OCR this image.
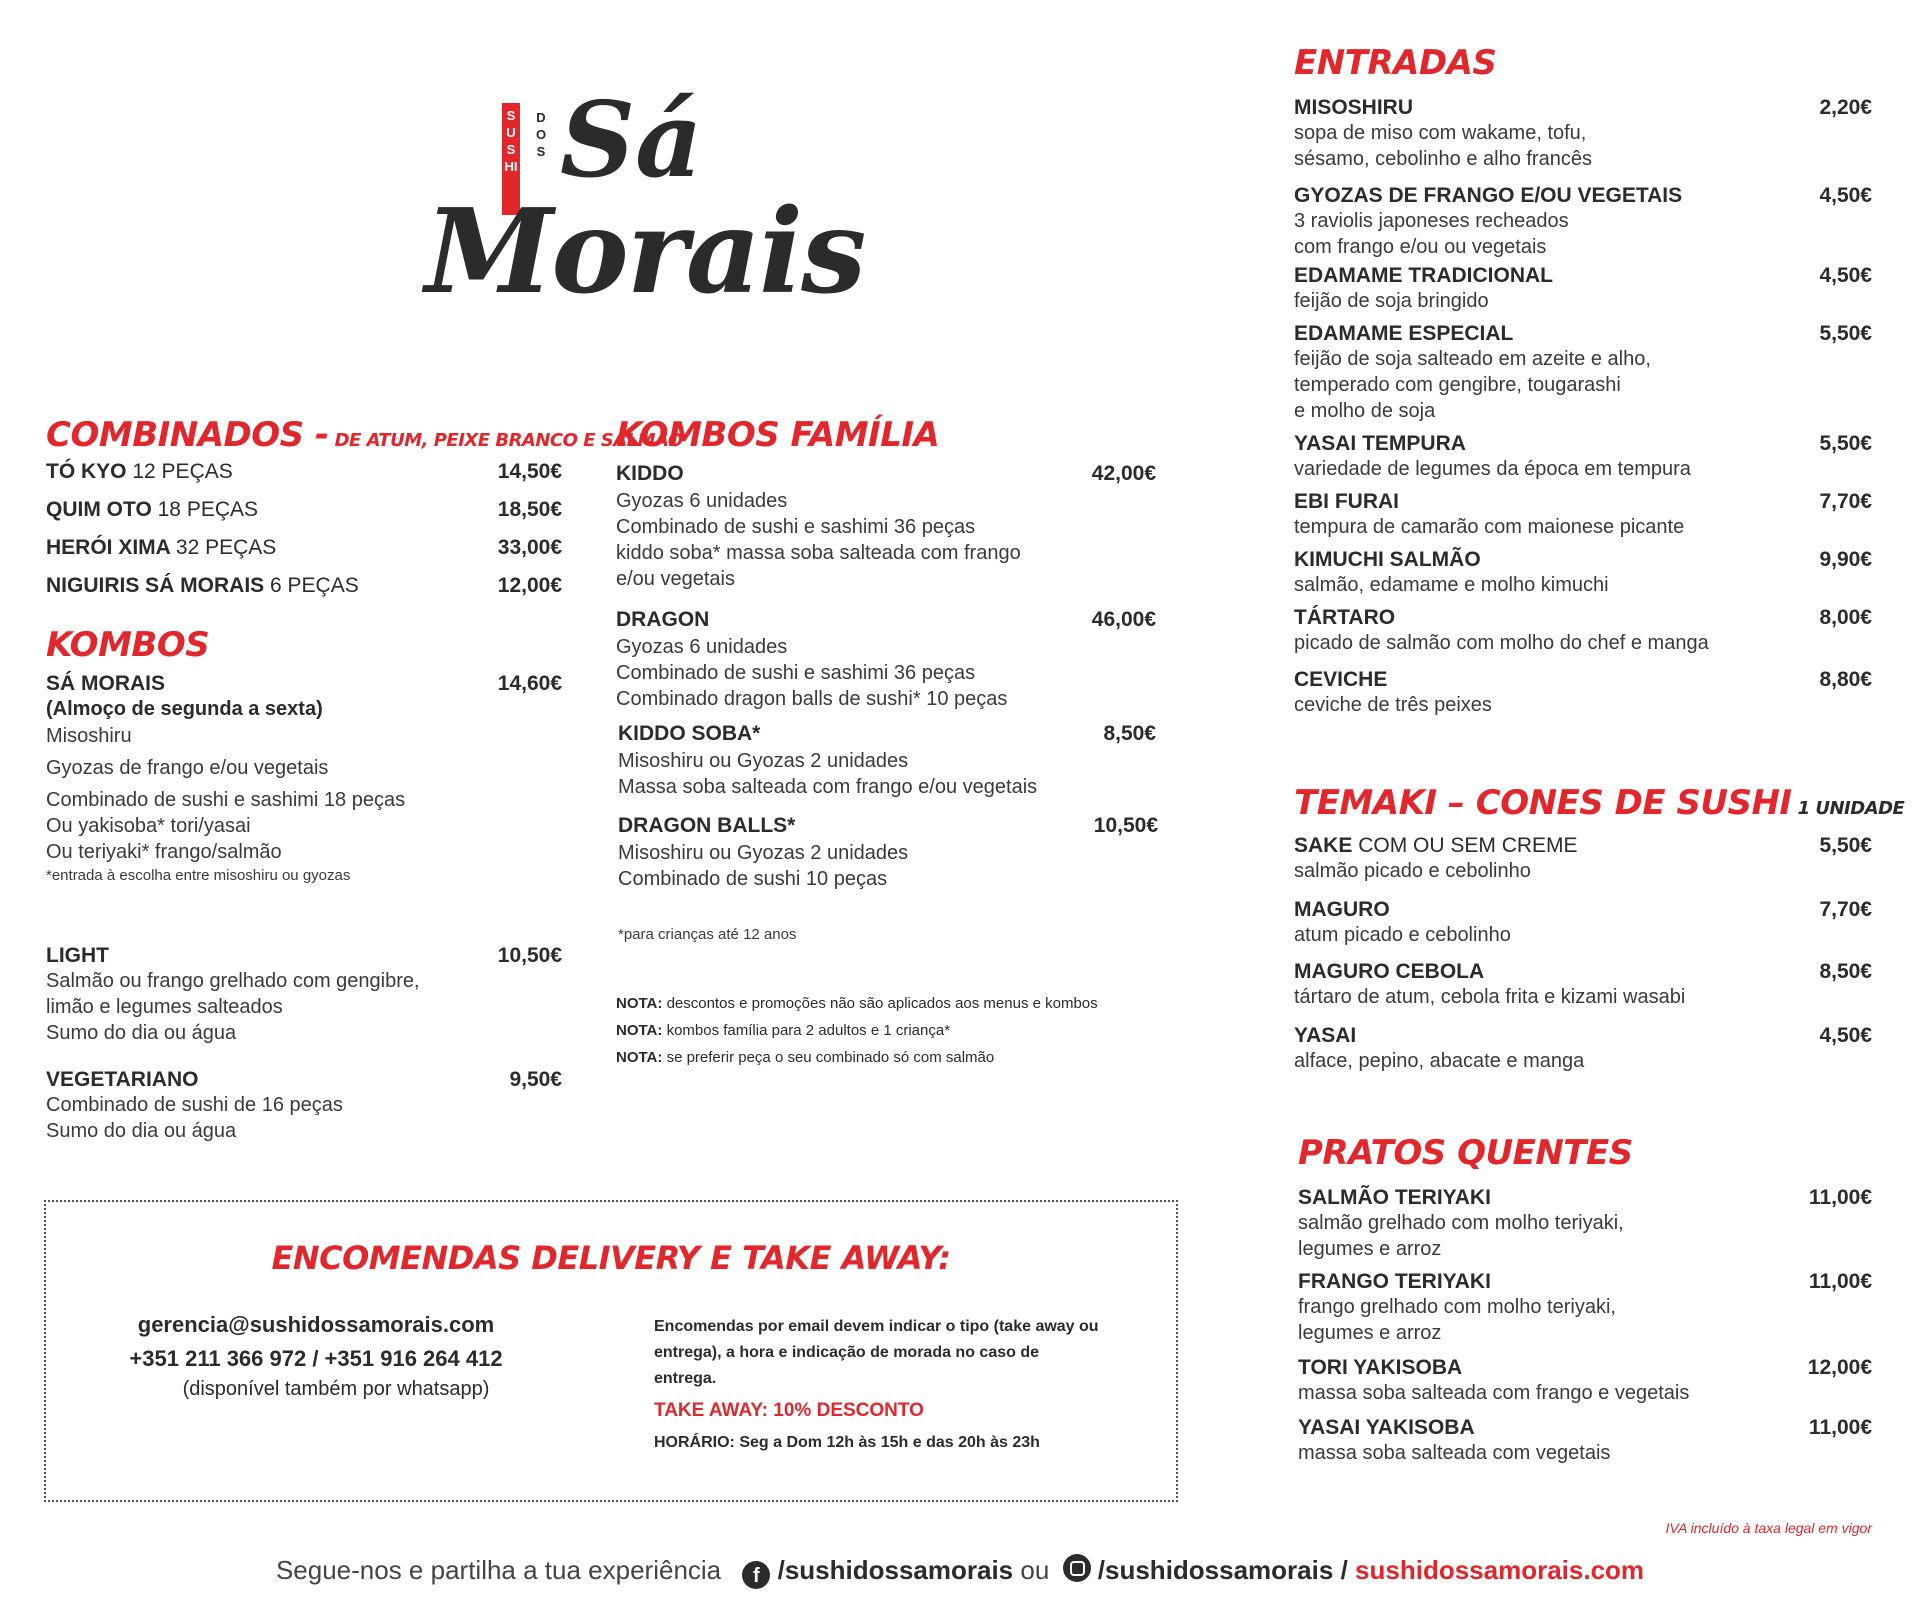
SUSHI
DOS Sá
Morais
COMBINADOS - DE ATUM, PEIXE BRANCO E SALMÃO
TÓ KYO 12 PEÇAS	14,50€
QUIM OTO 18 PEÇAS	18,50€
HERÓI XIMA 32 PEÇAS	33,00€
NIGUIRIS SÁ MORAIS 6 PEÇAS	12,00€
KOMBOS
SÁ MORAIS	14,60€
(Almoço de segunda a sexta)
Misoshiru
Gyozas de frango e/ou vegetais
Combinado de sushi e sashimi 18 peças
Ou yakisoba* tori/yasai
Ou teriyaki* frango/salmão
*entrada à escolha entre misoshiru ou gyozas
LIGHT	10,50€
Salmão ou frango grelhado com gengibre,
limão e legumes salteados
Sumo do dia ou água
VEGETARIANO	9,50€
Combinado de sushi de 16 peças
Sumo do dia ou água
KOMBOS FAMÍLIA
KIDDO	42,00€
Gyozas 6 unidades
Combinado de sushi e sashimi 36 peças
kiddo soba* massa soba salteada com frango
e/ou vegetais
DRAGON	46,00€
Gyozas 6 unidades
Combinado de sushi e sashimi 36 peças
Combinado dragon balls de sushi* 10 peças
KIDDO SOBA*	8,50€
Misoshiru ou Gyozas 2 unidades
Massa soba salteada com frango e/ou vegetais
DRAGON BALLS*	10,50€
Misoshiru ou Gyozas 2 unidades
Combinado de sushi 10 peças
*para crianças até 12 anos
NOTA: descontos e promoções não são aplicados aos menus e kombos
NOTA: kombos família para 2 adultos e 1 criança*
NOTA: se preferir peça o seu combinado só com salmão
ENTRADAS
MISOSHIRU	2,20€
sopa de miso com wakame, tofu,
sésamo, cebolinho e alho francês
GYOZAS DE FRANGO E/OU VEGETAIS	4,50€
3 raviolis japoneses recheados
com frango e/ou ou vegetais
EDAMAME TRADICIONAL	4,50€
feijão de soja bringido
EDAMAME ESPECIAL	5,50€
feijão de soja salteado em azeite e alho,
temperado com gengibre, tougarashi
e molho de soja
YASAI TEMPURA	5,50€
variedade de legumes da época em tempura
EBI FURAI	7,70€
tempura de camarão com maionese picante
KIMUCHI SALMÃO	9,90€
salmão, edamame e molho kimuchi
TÁRTARO	8,00€
picado de salmão com molho do chef e manga
CEVICHE	8,80€
ceviche de três peixes
TEMAKI – CONES DE SUSHI 1 UNIDADE
SAKE COM OU SEM CREME	5,50€
salmão picado e cebolinho
MAGURO	7,70€
atum picado e cebolinho
MAGURO CEBOLA	8,50€
tártaro de atum, cebola frita e kizami wasabi
YASAI	4,50€
alface, pepino, abacate e manga
PRATOS QUENTES
SALMÃO TERIYAKI	11,00€
salmão grelhado com molho teriyaki,
legumes e arroz
FRANGO TERIYAKI	11,00€
frango grelhado com molho teriyaki,
legumes e arroz
TORI YAKISOBA	12,00€
massa soba salteada com frango e vegetais
YASAI YAKISOBA	11,00€
massa soba salteada com vegetais
ENCOMENDAS DELIVERY E TAKE AWAY:
gerencia@sushidossamorais.com
+351 211 366 972 / +351 916 264 412
(disponível também por whatsapp)
Encomendas por email devem indicar o tipo (take away ou
entrega), a hora e indicação de morada no caso de
entrega.
TAKE AWAY: 10% DESCONTO
HORÁRIO: Seg a Dom 12h às 15h e das 20h às 23h
IVA incluído à taxa legal em vigor
Segue-nos e partilha a tua experiência f /sushidossamorais ou /sushidossamorais / sushidossamorais.com
